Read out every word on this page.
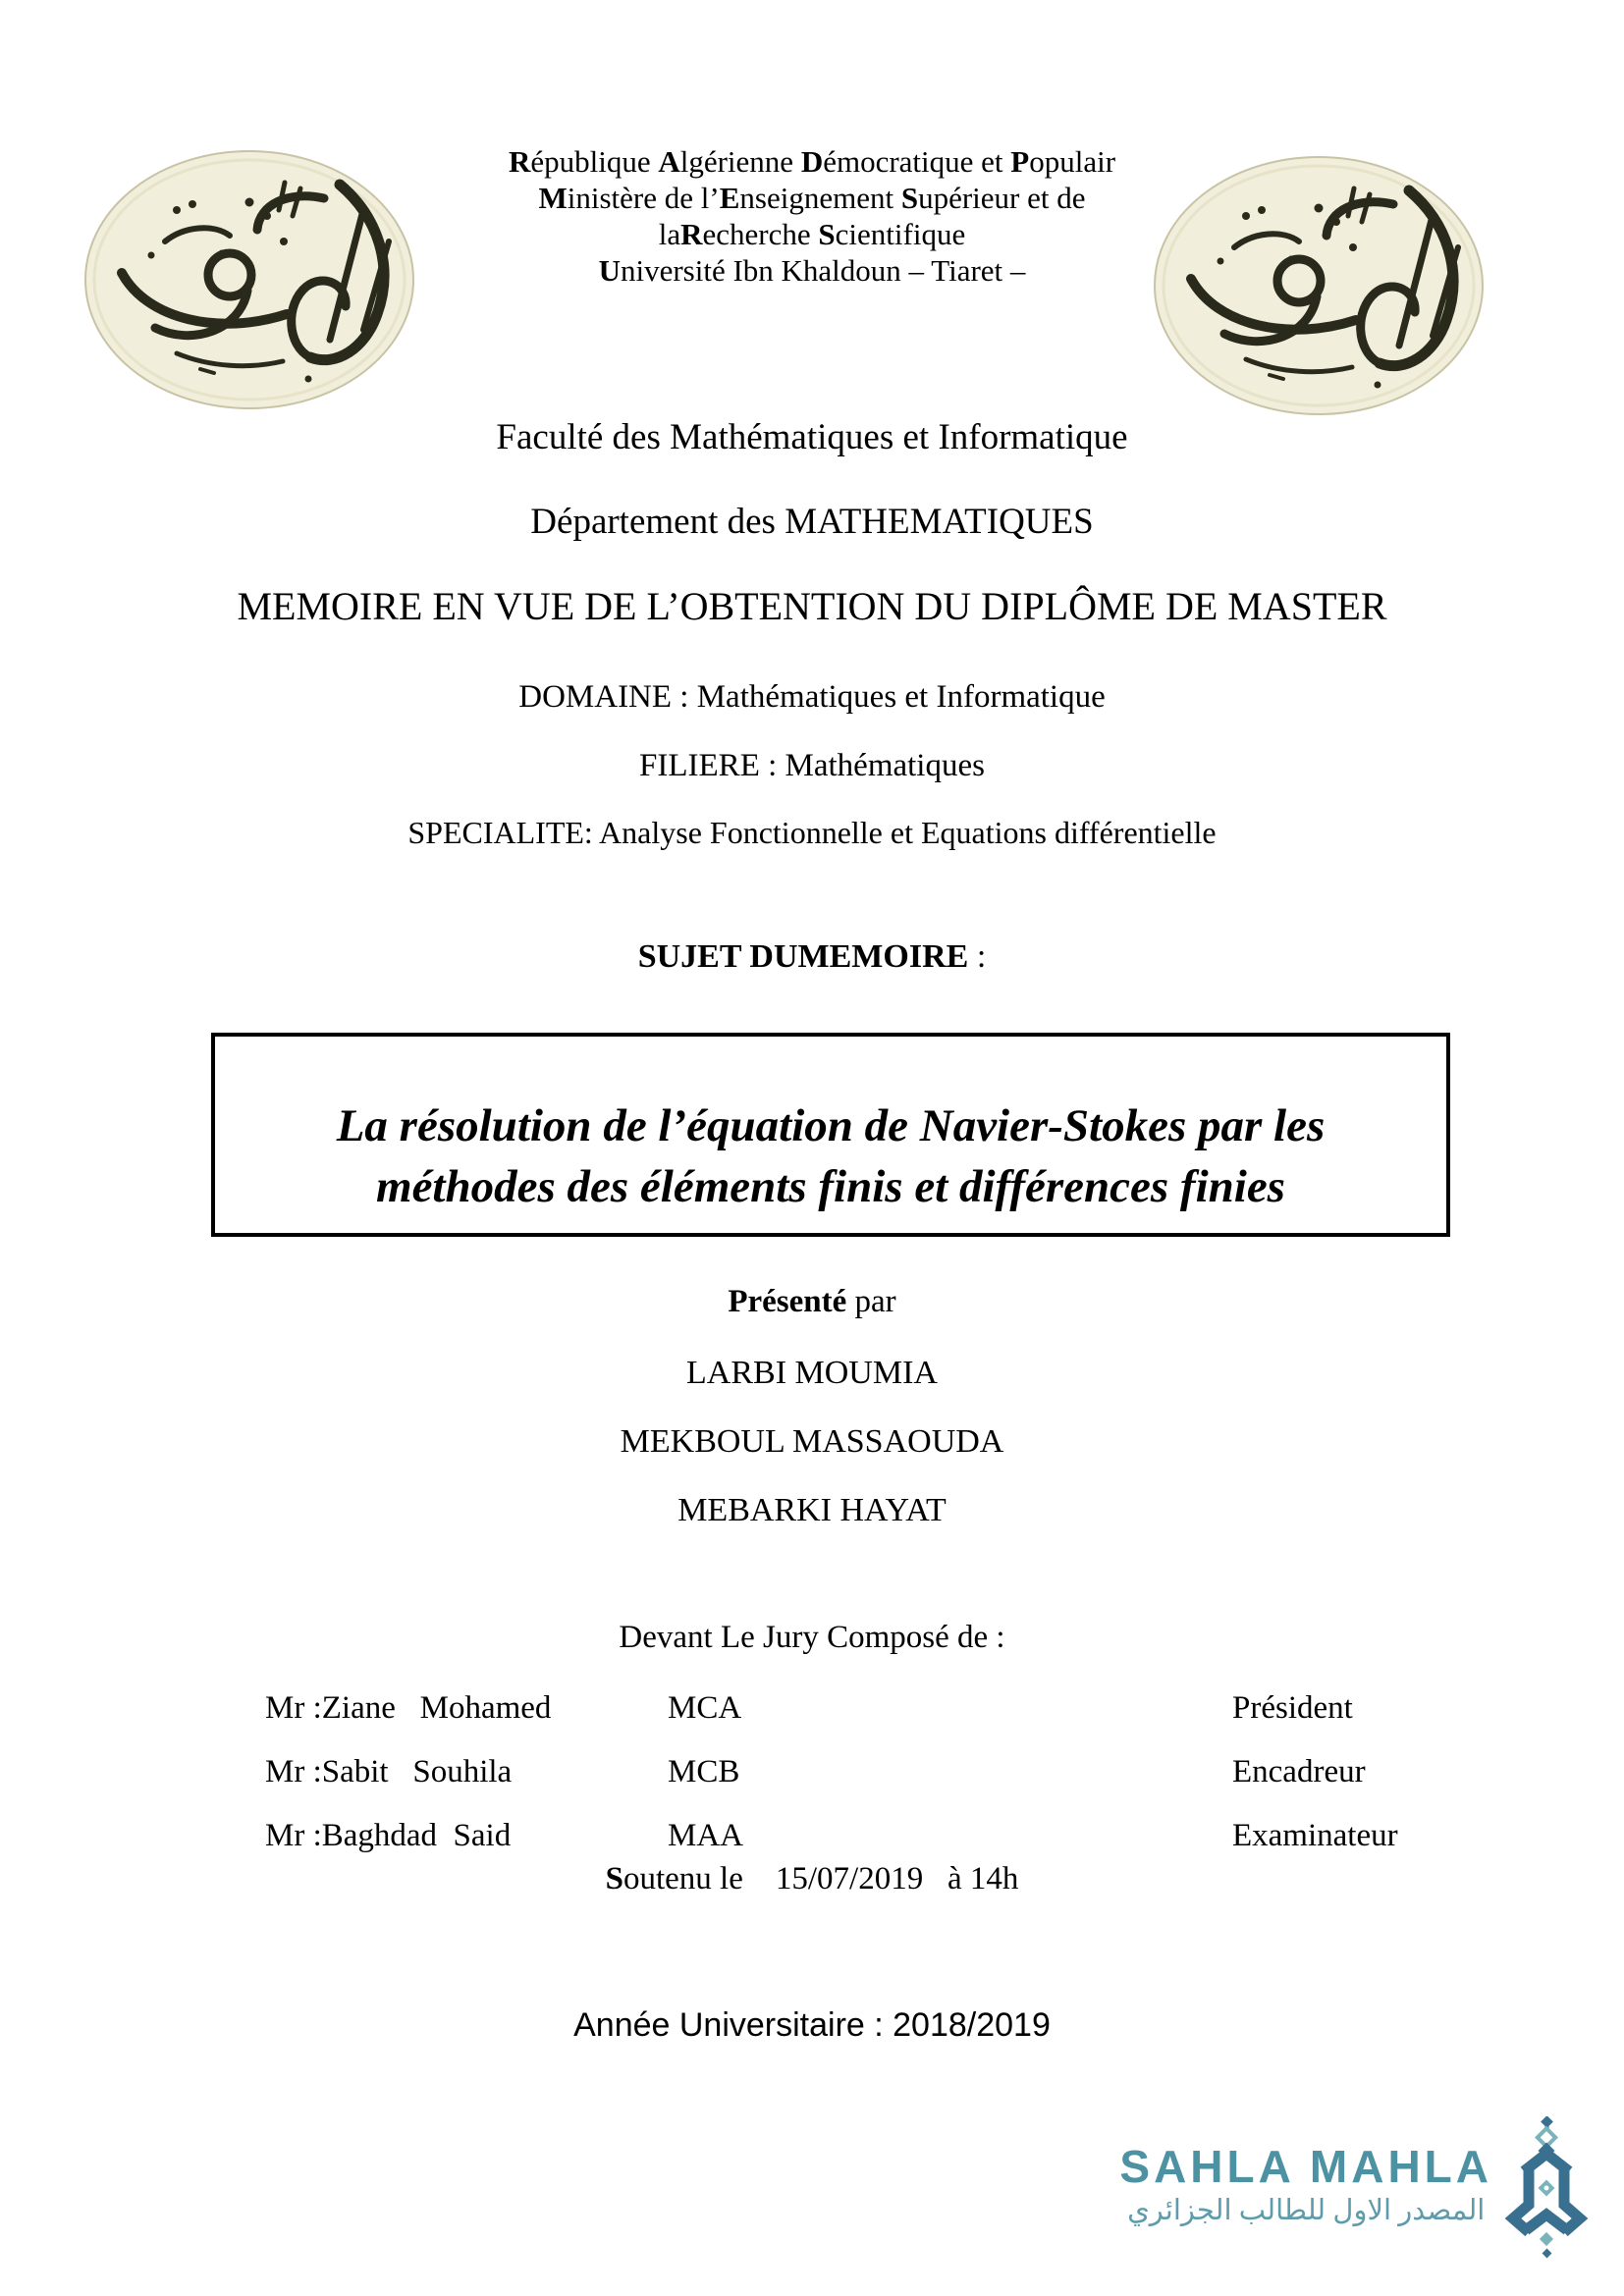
République Algérienne Démocratique et Populair
Ministère de l’Enseignement Supérieur et de
laRecherche Scientifique
Université Ibn Khaldoun – Tiaret –
Faculté des Mathématiques et Informatique
Département des MATHEMATIQUES
MEMOIRE EN VUE DE L’OBTENTION DU DIPLÔME DE MASTER
DOMAINE : Mathématiques et Informatique
FILIERE : Mathématiques
SPECIALITE: Analyse Fonctionnelle et Equations différentielle
SUJET DUMEMOIRE :
La résolution de l’équation de Navier-Stokes par les
méthodes des éléments finis et différences finies
Présenté par
LARBI MOUMIA
MEKBOUL MASSAOUDA
MEBARKI HAYAT
Devant Le Jury Composé de :
Mr :Ziane   Mohamed	MCA	Président
Mr :Sabit   Souhila	MCB	Encadreur
Mr :Baghdad  Said	MAA	Examinateur
Soutenu le    15/07/2019   à 14h
Année Universitaire : 2018/2019
SAHLA MAHLA
المصدر الاول للطالب الجزائري
